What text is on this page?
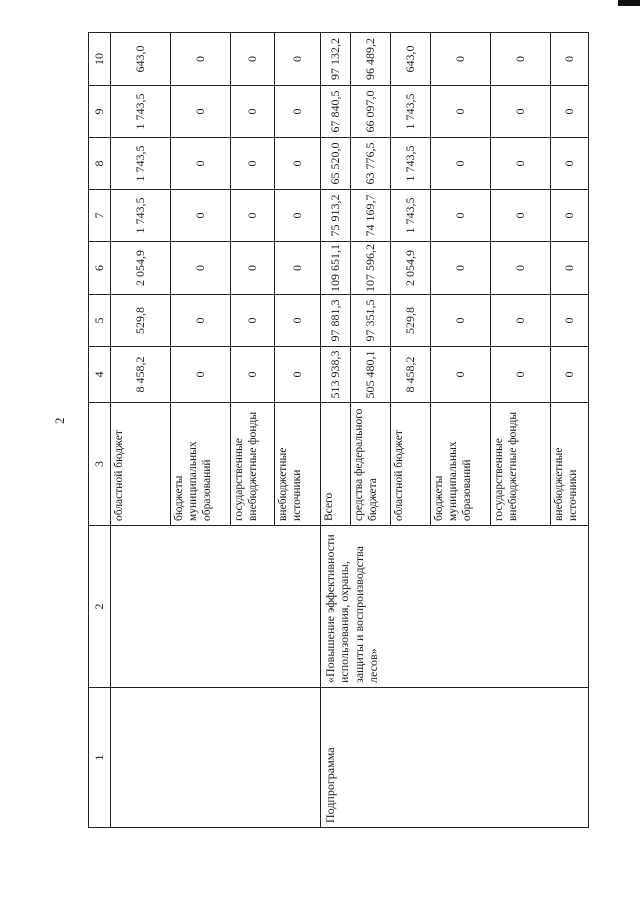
2
1	2	3	4	5	6	7	8	9	10
		областной бюджет	8 458,2	529,8	2 054,9	1 743,5	1 743,5	1 743,5	643,0
		бюджеты муниципальных образований	0	0	0	0	0	0	0
		государственные внебюджетные фонды	0	0	0	0	0	0	0
		внебюджетные источники	0	0	0	0	0	0	0
Подпрограмма	«Повышение эффективности использования, охраны, защиты и воспроизводства лесов»	Всего	513 938,3	97 881,3	109 651,1	75 913,2	65 520,0	67 840,5	97 132,2
		средства федерального бюджета	505 480,1	97 351,5	107 596,2	74 169,7	63 776,5	66 097,0	96 489,2
		областной бюджет	8 458,2	529,8	2 054,9	1 743,5	1 743,5	1 743,5	643,0
		бюджеты муниципальных образований	0	0	0	0	0	0	0
		государственные внебюджетные фонды	0	0	0	0	0	0	0
		внебюджетные источники	0	0	0	0	0	0	0
